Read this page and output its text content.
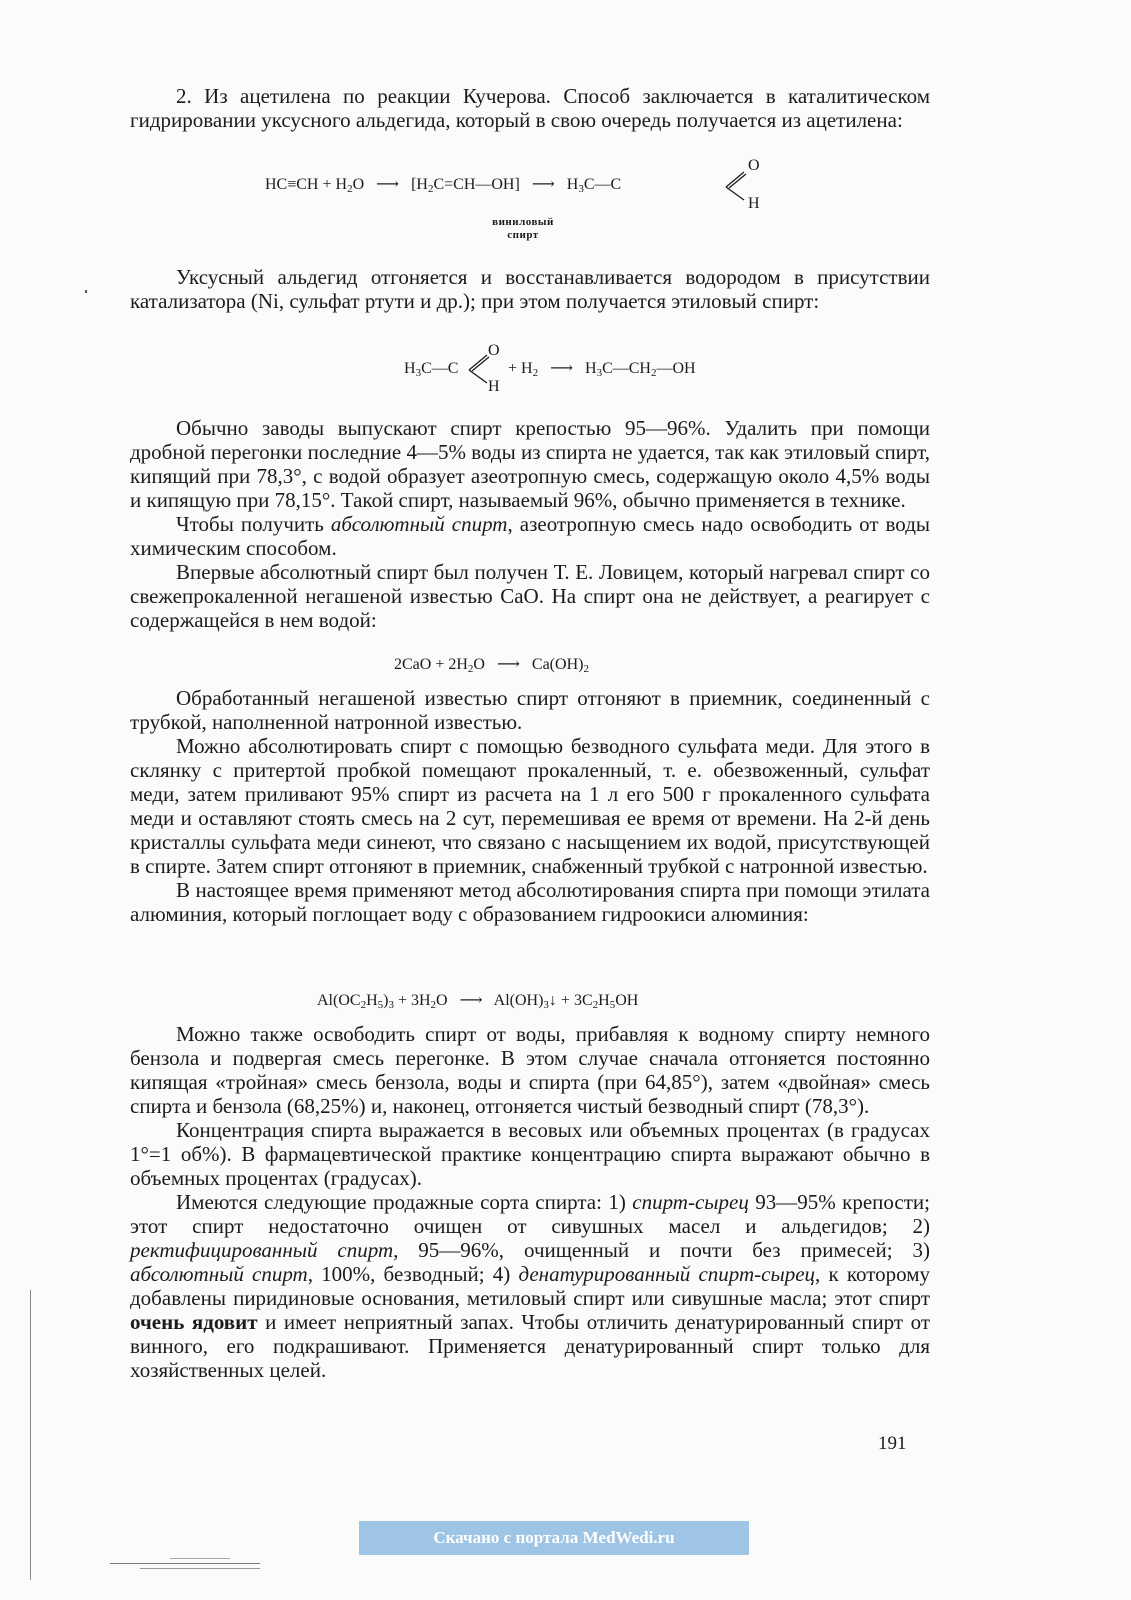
2. Из ацетилена по реакции Кучерова. Способ заключается в каталитическом гидрировании уксусного альдегида, который в свою очередь получается из ацетилена:

$HC\equiv CH + H_2O$ ⟶ $[H_2C=CH—OH]$ ⟶ $H_3C—C$
O
H
виниловый
спирт

Уксусный альдегид отгоняется и восстанавливается водородом в присутствии катализатора (Ni, сульфат ртути и др.); при этом получается этиловый спирт:

$H_3C—C$
O
H
+ $H_2$ ⟶ $H_3C—CH_2—OH$

Обычно заводы выпускают спирт крепостью 95—96%. Удалить при помощи дробной перегонки последние 4—5% воды из спирта не удается, так как этиловый спирт, кипящий при 78,3°, с водой образует азеотропную смесь, содержащую около 4,5% воды и кипящую при 78,15°. Такой спирт, называемый 96%, обычно применяется в технике.

Чтобы получить абсолютный спирт, азеотропную смесь надо освободить от воды химическим способом.

Впервые абсолютный спирт был получен Т. Е. Ловицем, который нагревал спирт со свежепрокаленной негашеной известью CaO. На спирт она не действует, а реагирует с содержащейся в нем водой:

$2CaO + 2H_2O$ ⟶ $Ca(OH)_2$

Обработанный негашеной известью спирт отгоняют в приемник, соединенный с трубкой, наполненной натронной известью.

Можно абсолютировать спирт с помощью безводного сульфата меди. Для этого в склянку с притертой пробкой помещают прокаленный, т. е. обезвоженный, сульфат меди, затем приливают 95% спирт из расчета на 1 л его 500 г прокаленного сульфата меди и оставляют стоять смесь на 2 сут, перемешивая ее время от времени. На 2-й день кристаллы сульфата меди синеют, что связано с насыщением их водой, присутствующей в спирте. Затем спирт отгоняют в приемник, снабженный трубкой с натронной известью.

В настоящее время применяют метод абсолютирования спирта при помощи этилата алюминия, который поглощает воду с образованием гидроокиси алюминия:

$Al(OC_2H_5)_3 + 3H_2O$ ⟶ $Al(OH)_3↓ + 3C_2H_5OH$

Можно также освободить спирт от воды, прибавляя к водному спирту немного бензола и подвергая смесь перегонке. В этом случае сначала отгоняется постоянно кипящая «тройная» смесь бензола, воды и спирта (при 64,85°), затем «двойная» смесь спирта и бензола (68,25%) и, наконец, отгоняется чистый безводный спирт (78,3°).

Концентрация спирта выражается в весовых или объемных процентах (в градусах 1°=1 об%). В фармацевтической практике концентрацию спирта выражают обычно в объемных процентах (градусах).

Имеются следующие продажные сорта спирта: 1) спирт-сырец 93—95% крепости; этот спирт недостаточно очищен от сивушных масел и альдегидов; 2) ректифицированный спирт, 95—96%, очищенный и почти без примесей; 3) абсолютный спирт, 100%, безводный; 4) денатурированный спирт-сырец, к которому добавлены пиридиновые основания, метиловый спирт или сивушные масла; этот спирт очень ядовит и имеет неприятный запах. Чтобы отличить денатурированный спирт от винного, его подкрашивают. Применяется денатурированный спирт только для хозяйственных целей.

191
Скачано с портала MedWedi.ru
